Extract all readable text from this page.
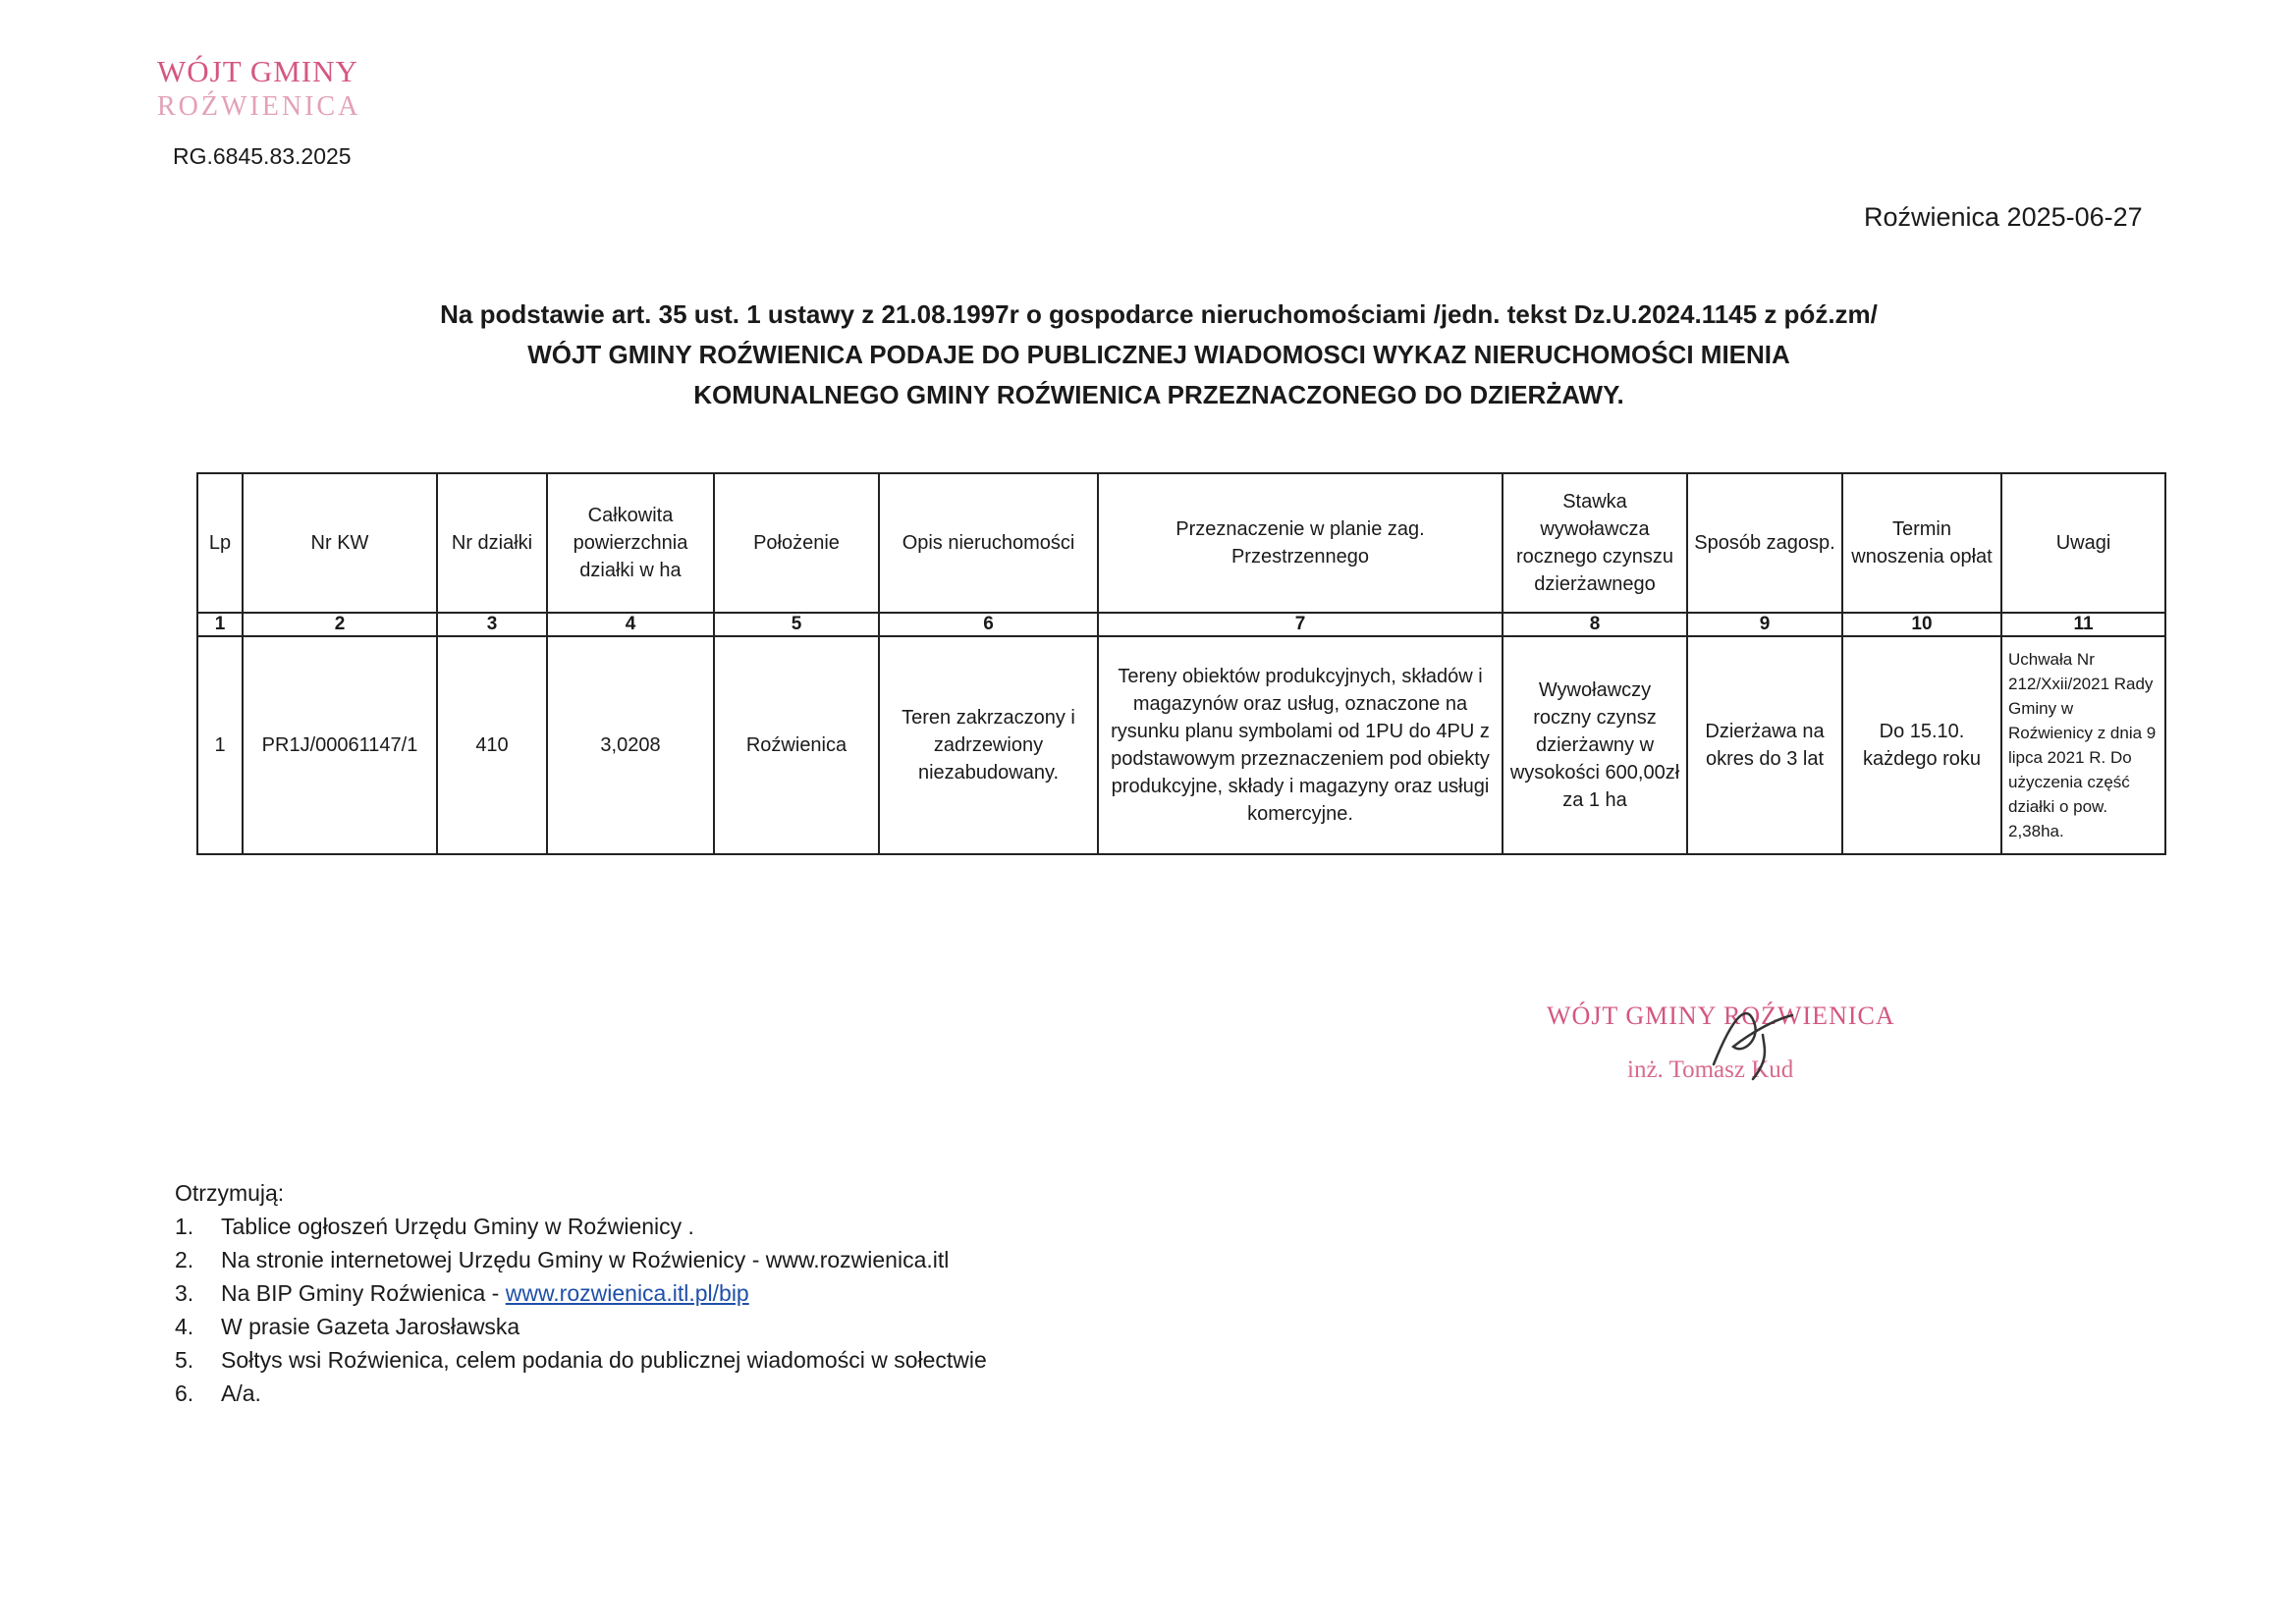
WÓJT GMINY
ROŹWIENICA
RG.6845.83.2025
Roźwienica 2025-06-27
Na podstawie art. 35 ust. 1 ustawy z 21.08.1997r o gospodarce nieruchomościami /jedn. tekst Dz.U.2024.1145 z póź.zm/
WÓJT GMINY ROŹWIENICA PODAJE DO PUBLICZNEJ WIADOMOSCI WYKAZ NIERUCHOMOŚCI MIENIA
KOMUNALNEGO GMINY ROŹWIENICA PRZEZNACZONEGO DO DZIERŻAWY.
Lp	Nr KW	Nr działki	Całkowita powierzchnia działki w ha	Położenie	Opis nieruchomości	Przeznaczenie w planie zag. Przestrzennego	Stawka wywoławcza rocznego czynszu dzierżawnego	Sposób zagosp.	Termin wnoszenia opłat	Uwagi
1	2	3	4	5	6	7	8	9	10	11
1	PR1J/00061147/1	410	3,0208	Roźwienica	Teren zakrzaczony i zadrzewiony niezabudowany.	Tereny obiektów produkcyjnych, składów i magazynów oraz usług, oznaczone na rysunku planu symbolami od 1PU do 4PU z podstawowym przeznaczeniem pod obiekty produkcyjne, składy i magazyny oraz usługi komercyjne.	Wywoławczy roczny czynsz dzierżawny w wysokości 600,00zł za 1 ha	Dzierżawa na okres do 3 lat	Do 15.10. każdego roku	Uchwała Nr 212/Xxii/2021 Rady Gminy w Roźwienicy z dnia 9 lipca 2021 R. Do użyczenia część działki o pow. 2,38ha.
WÓJT GMINY ROŹWIENICA
inż. Tomasz Kud
Otrzymują:
1. Tablice ogłoszeń Urzędu Gminy w Roźwienicy .
2. Na stronie internetowej Urzędu Gminy w Roźwienicy - www.rozwienica.itl
3. Na BIP Gminy Roźwienica - www.rozwienica.itl.pl/bip
4. W prasie Gazeta Jarosławska
5. Sołtys wsi Roźwienica, celem podania do publicznej wiadomości w sołectwie
6. A/a.
